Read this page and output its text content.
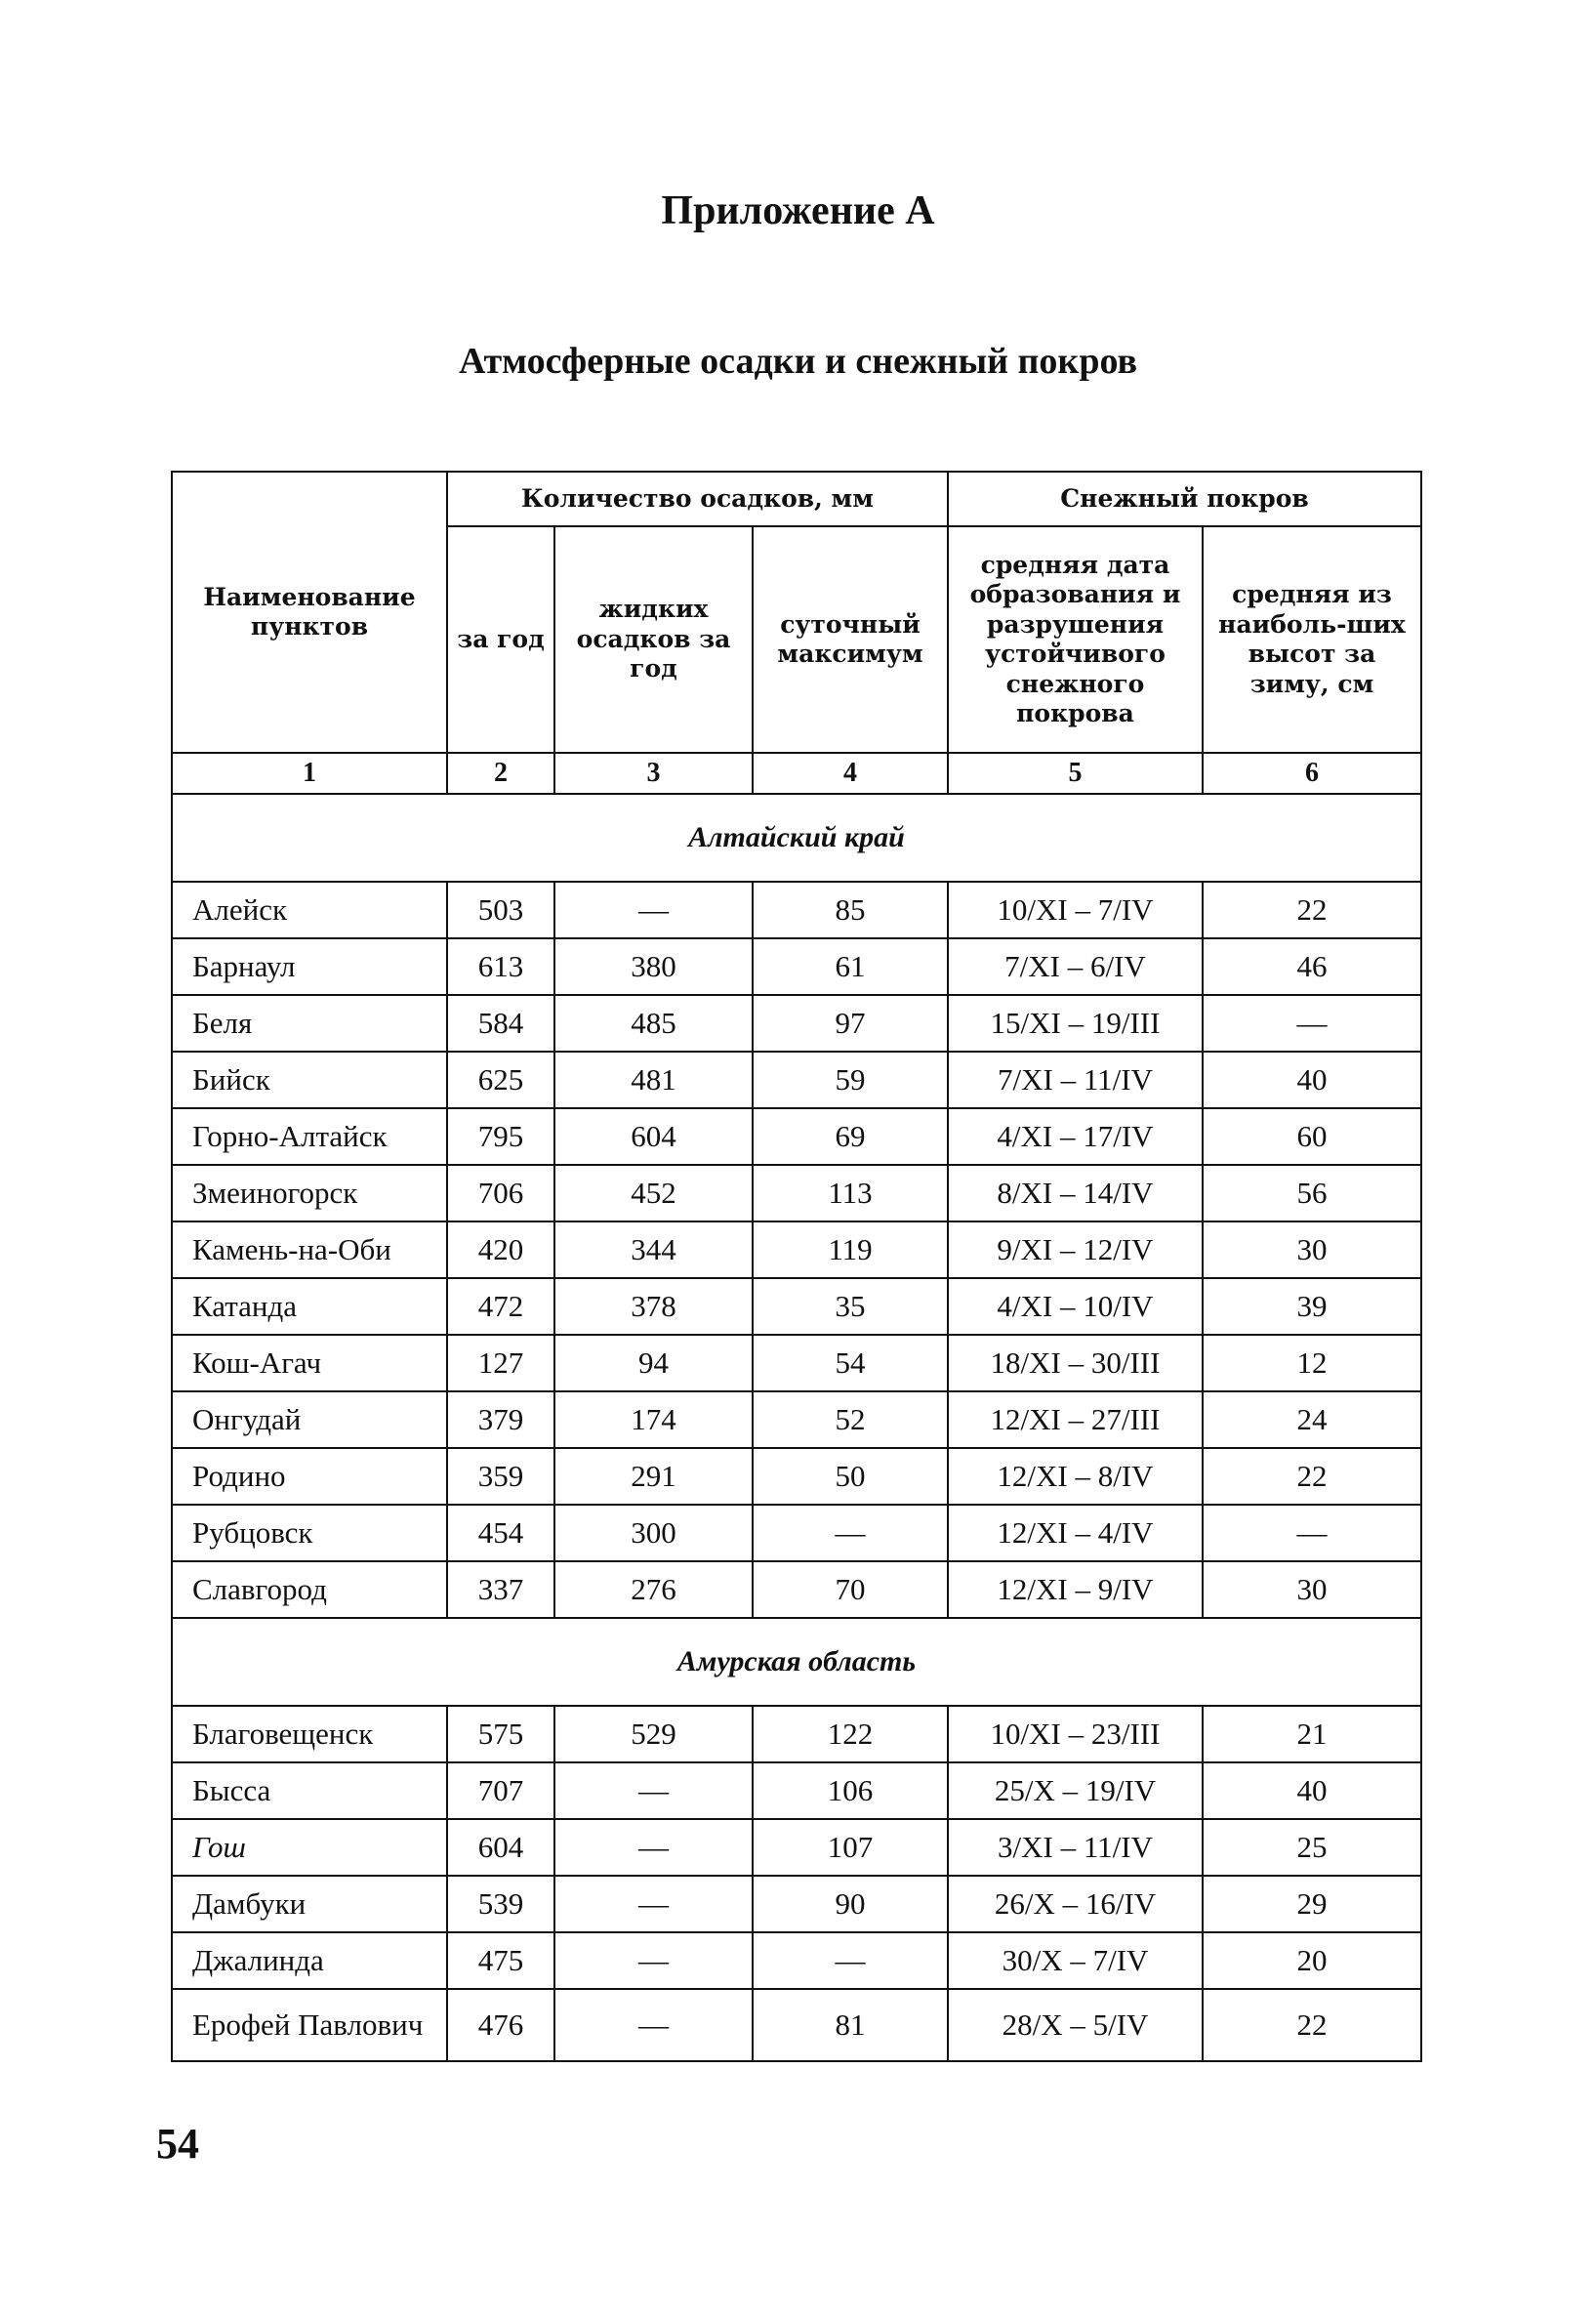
Приложение А
Атмосферные осадки и снежный покров
Наименование пунктов	Количество осадков, мм			Снежный покров	
	за год	жидких осадков за год	суточный максимум	средняя дата образования и разрушения устойчивого снежного покрова	средняя из наиболь-ших высот за зиму, см
1	2	3	4	5	6
Алтайский край					
Алейск	503	—	85	10/XI – 7/IV	22
Барнаул	613	380	61	7/XI – 6/IV	46
Беля	584	485	97	15/XI – 19/III	—
Бийск	625	481	59	7/XI – 11/IV	40
Горно-Алтайск	795	604	69	4/XI – 17/IV	60
Змеиногорск	706	452	113	8/XI – 14/IV	56
Камень-на-Оби	420	344	119	9/XI – 12/IV	30
Катанда	472	378	35	4/XI – 10/IV	39
Кош-Агач	127	94	54	18/XI – 30/III	12
Онгудай	379	174	52	12/XI – 27/III	24
Родино	359	291	50	12/XI – 8/IV	22
Рубцовск	454	300	—	12/XI – 4/IV	—
Славгород	337	276	70	12/XI – 9/IV	30
Амурская область					
Благовещенск	575	529	122	10/XI – 23/III	21
Бысса	707	—	106	25/X – 19/IV	40
Гош	604	—	107	3/XI – 11/IV	25
Дамбуки	539	—	90	26/X – 16/IV	29
Джалинда	475	—	—	30/X – 7/IV	20
Ерофей Павлович	476	—	81	28/X – 5/IV	22
54
